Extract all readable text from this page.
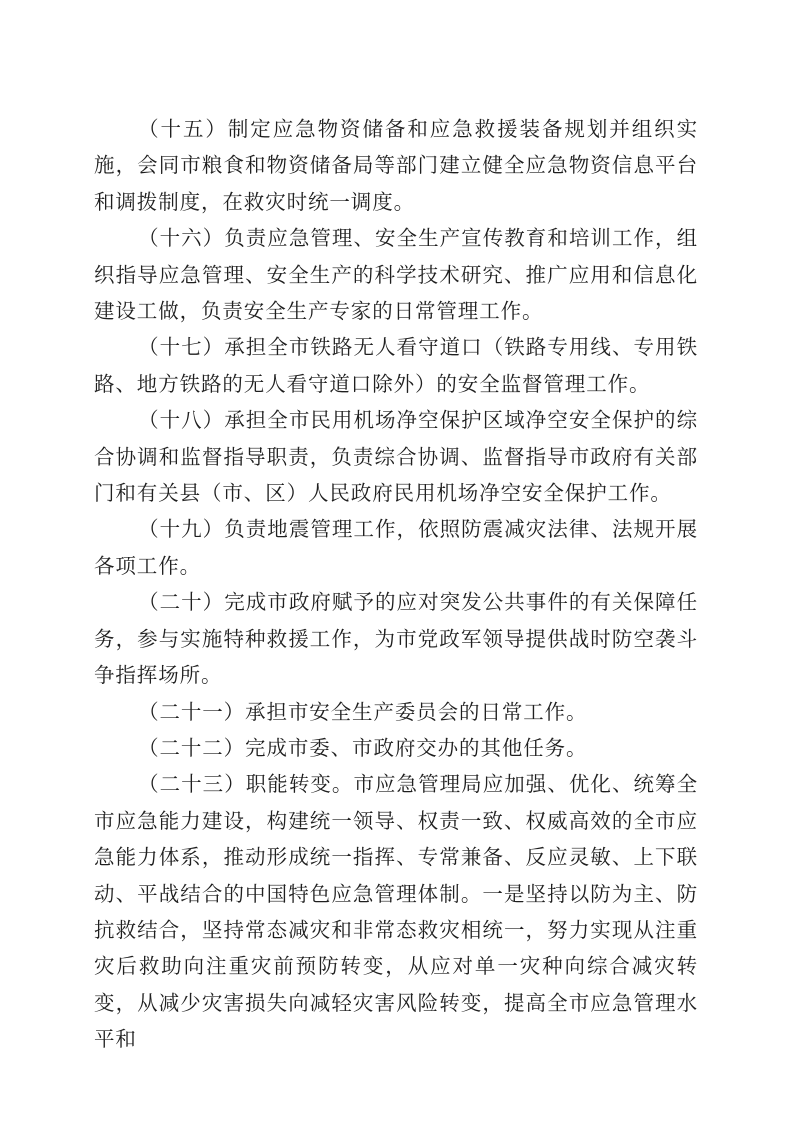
（十五）制定应急物资储备和应急救援装备规划并组织实施，会同市粮食和物资储备局等部门建立健全应急物资信息平台和调拨制度，在救灾时统一调度。

（十六）负责应急管理、安全生产宣传教育和培训工作，组织指导应急管理、安全生产的科学技术研究、推广应用和信息化建设工做，负责安全生产专家的日常管理工作。

（十七）承担全市铁路无人看守道口（铁路专用线、专用铁路、地方铁路的无人看守道口除外）的安全监督管理工作。

（十八）承担全市民用机场净空保护区域净空安全保护的综合协调和监督指导职责，负责综合协调、监督指导市政府有关部门和有关县（市、区）人民政府民用机场净空安全保护工作。

（十九）负责地震管理工作，依照防震减灾法律、法规开展各项工作。

（二十）完成市政府赋予的应对突发公共事件的有关保障任务，参与实施特种救援工作，为市党政军领导提供战时防空袭斗争指挥场所。

（二十一）承担市安全生产委员会的日常工作。

（二十二）完成市委、市政府交办的其他任务。

（二十三）职能转变。市应急管理局应加强、优化、统筹全市应急能力建设，构建统一领导、权责一致、权威高效的全市应急能力体系，推动形成统一指挥、专常兼备、反应灵敏、上下联动、平战结合的中国特色应急管理体制。一是坚持以防为主、防抗救结合，坚持常态减灾和非常态救灾相统一，努力实现从注重灾后救助向注重灾前预防转变，从应对单一灾种向综合减灾转变，从减少灾害损失向减轻灾害风险转变，提高全市应急管理水平和
